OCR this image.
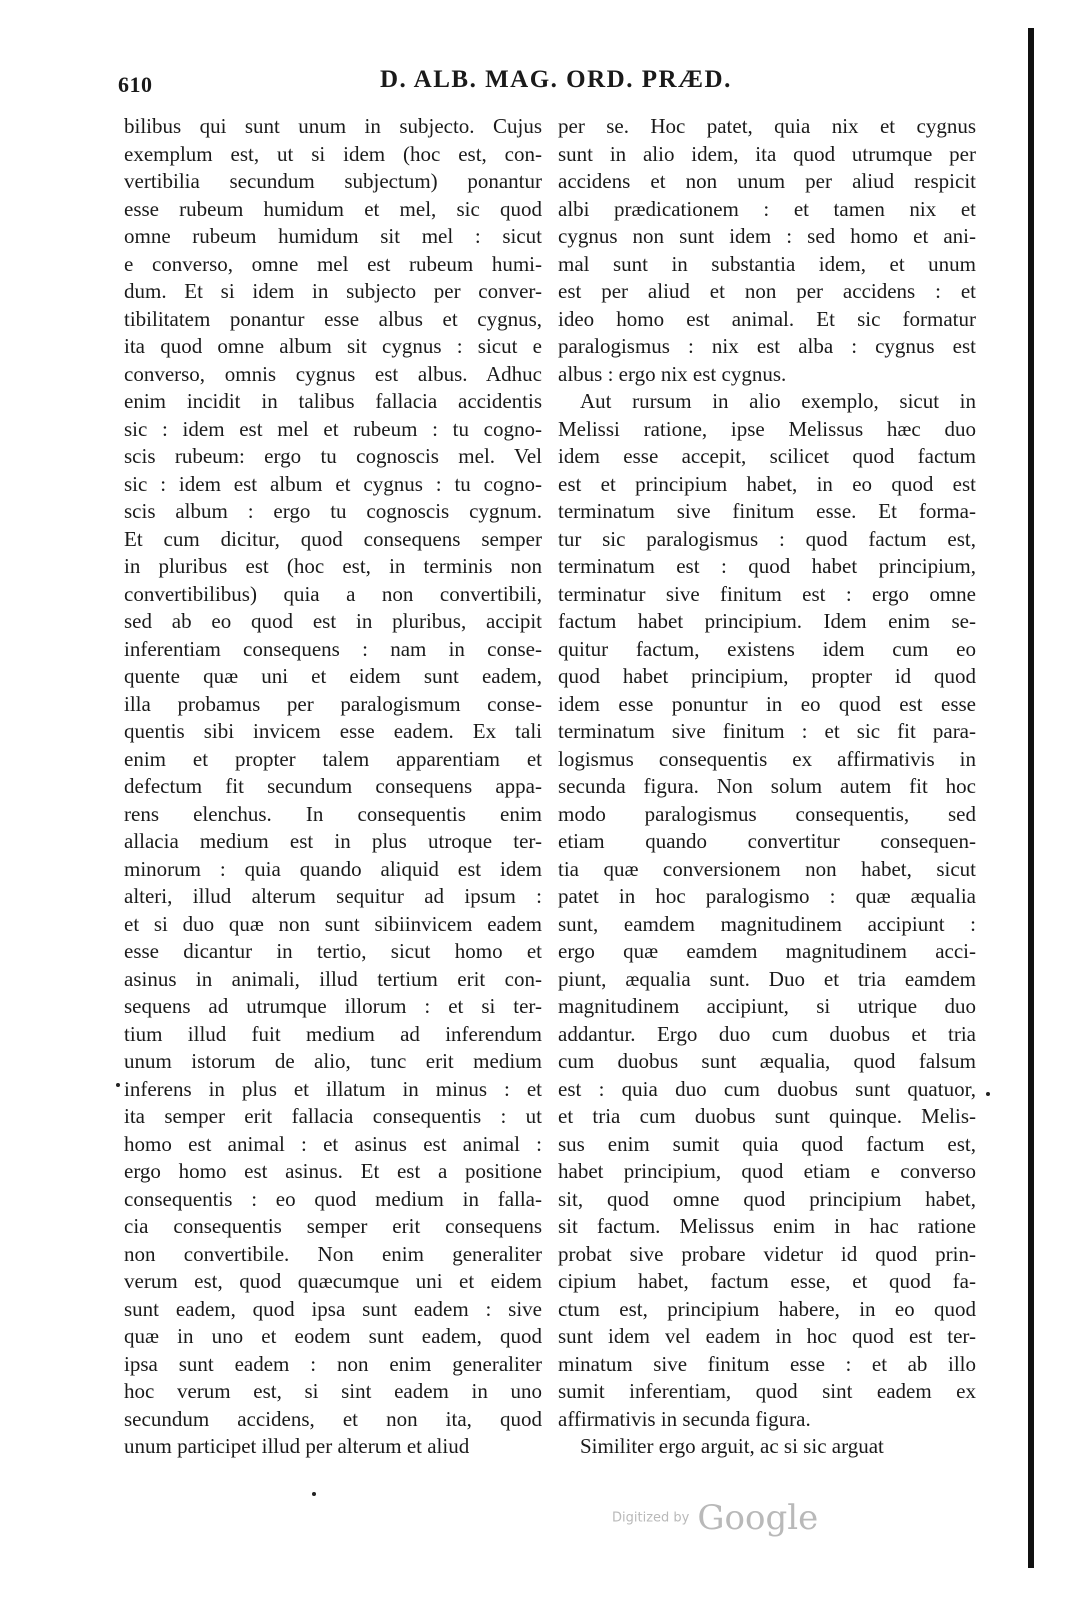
610	D. ALB. MAG. ORD. PRÆD.
bilibus qui sunt unum in subjecto. Cujus
exemplum est, ut si idem (hoc est, con-
vertibilia secundum subjectum) ponantur
esse rubeum humidum et mel, sic quod
omne rubeum humidum sit mel : sicut
e converso, omne mel est rubeum humi-
dum. Et si idem in subjecto per conver-
tibilitatem ponantur esse albus et cygnus,
ita quod omne album sit cygnus : sicut e
converso, omnis cygnus est albus. Adhuc
enim incidit in talibus fallacia accidentis
sic : idem est mel et rubeum : tu cogno-
scis rubeum: ergo tu cognoscis mel. Vel
sic : idem est album et cygnus : tu cogno-
scis album : ergo tu cognoscis cygnum.
Et cum dicitur, quod consequens semper
in pluribus est (hoc est, in terminis non
convertibilibus) quia a non convertibili,
sed ab eo quod est in pluribus, accipit
inferentiam consequens : nam in conse-
quente quæ uni et eidem sunt eadem,
illa probamus per paralogismum conse-
quentis sibi invicem esse eadem. Ex tali
enim et propter talem apparentiam et
defectum fit secundum consequens appa-
rens elenchus. In consequentis enim
allacia medium est in plus utroque ter-
minorum : quia quando aliquid est idem
alteri, illud alterum sequitur ad ipsum :
et si duo quæ non sunt sibiinvicem eadem
esse dicantur in tertio, sicut homo et
asinus in animali, illud tertium erit con-
sequens ad utrumque illorum : et si ter-
tium illud fuit medium ad inferendum
unum istorum de alio, tunc erit medium
inferens in plus et illatum in minus : et
ita semper erit fallacia consequentis : ut
homo est animal : et asinus est animal :
ergo homo est asinus. Et est a positione
consequentis : eo quod medium in falla-
cia consequentis semper erit consequens
non convertibile. Non enim generaliter
verum est, quod quæcumque uni et eidem
sunt eadem, quod ipsa sunt eadem : sive
quæ in uno et eodem sunt eadem, quod
ipsa sunt eadem : non enim generaliter
hoc verum est, si sint eadem in uno
secundum accidens, et non ita, quod
unum participet illud per alterum et aliud
per se. Hoc patet, quia nix et cygnus
sunt in alio idem, ita quod utrumque per
accidens et non unum per aliud respicit
albi prædicationem : et tamen nix et
cygnus non sunt idem : sed homo et ani-
mal sunt in substantia idem, et unum
est per aliud et non per accidens : et
ideo homo est animal. Et sic formatur
paralogismus : nix est alba : cygnus est
albus : ergo nix est cygnus.
Aut rursum in alio exemplo, sicut in
Melissi ratione, ipse Melissus hæc duo
idem esse accepit, scilicet quod factum
est et principium habet, in eo quod est
terminatum sive finitum esse. Et forma-
tur sic paralogismus : quod factum est,
terminatum est : quod habet principium,
terminatur sive finitum est : ergo omne
factum habet principium. Idem enim se-
quitur factum, existens idem cum eo
quod habet principium, propter id quod
idem esse ponuntur in eo quod est esse
terminatum sive finitum : et sic fit para-
logismus consequentis ex affirmativis in
secunda figura. Non solum autem fit hoc
modo paralogismus consequentis, sed
etiam quando convertitur consequen-
tia quæ conversionem non habet, sicut
patet in hoc paralogismo : quæ æqualia
sunt, eamdem magnitudinem accipiunt :
ergo quæ eamdem magnitudinem acci-
piunt, æqualia sunt. Duo et tria eamdem
magnitudinem accipiunt, si utrique duo
addantur. Ergo duo cum duobus et tria
cum duobus sunt æqualia, quod falsum
est : quia duo cum duobus sunt quatuor,
et tria cum duobus sunt quinque. Melis-
sus enim sumit quia quod factum est,
habet principium, quod etiam e converso
sit, quod omne quod principium habet,
sit factum. Melissus enim in hac ratione
probat sive probare videtur id quod prin-
cipium habet, factum esse, et quod fa-
ctum est, principium habere, in eo quod
sunt idem vel eadem in hoc quod est ter-
minatum sive finitum esse : et ab illo
sumit inferentiam, quod sint eadem ex
affirmativis in secunda figura.
Similiter ergo arguit, ac si sic arguat
Digitized by Google
